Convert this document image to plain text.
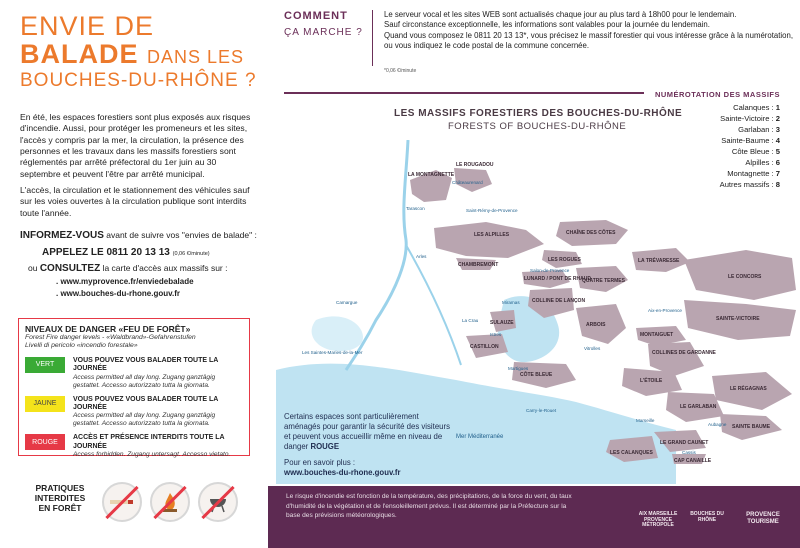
ENVIE DE
BALADE DANS LES
BOUCHES-DU-RHÔNE ?

En été, les espaces forestiers sont plus exposés aux risques d'incendie. Aussi, pour protéger les promeneurs et les sites, l'accès y compris par la mer, la circulation, la présence des personnes et les travaux dans les massifs forestiers sont réglementés par arrêté préfectoral du 1er juin au 30 septembre et peuvent l'être par arrêté municipal.

L'accès, la circulation et le stationnement des véhicules sauf sur les voies ouvertes à la circulation publique sont interdits toute l'année.

INFORMEZ-VOUS avant de suivre vos "envies de balade" :
APPELEZ LE 0811 20 13 13 (0,06 €/minute)
ou CONSULTEZ la carte d'accès aux massifs sur :
. www.myprovence.fr/enviedebalade
. www.bouches-du-rhone.gouv.fr
NIVEAUX DE DANGER «FEU DE FORÊT»
Forest Fire danger levels - «Waldbrand»-Gefahrenstufen
Livelli di pericolo «incendio forestale»
VERT
VOUS POUVEZ VOUS BALADER TOUTE LA JOURNÉE
Access permitted all day long. Zugang ganztägig gestattet. Accesso autorizzato tutta la giornata.
JAUNE
VOUS POUVEZ VOUS BALADER TOUTE LA JOURNÉE
Access permitted all day long. Zugang ganztägig gestattet. Accesso autorizzato tutta la giornata.
ROUGE
ACCÈS ET PRÉSENCE INTERDITS TOUTE LA JOURNÉE
Access forbidden. Zugang untersagt. Accesso vietato.
PRATIQUES INTERDITES EN FORÊT
COMMENT
ÇA MARCHE ?
Le serveur vocal et les sites WEB sont actualisés chaque jour au plus tard à 18h00 pour le lendemain.
Sauf circonstance exceptionnelle, les informations sont valables pour la journée du lendemain.
Quand vous composez le 0811 20 13 13*, vous précisez le massif forestier qui vous intéresse grâce à la numérotation, ou vous indiquez le code postal de la commune concernée.
*0,06 €/minute
NUMÉROTATION DES MASSIFS
Calanques : 1
Sainte-Victoire : 2
Garlaban : 3
Sainte-Baume : 4
Côte Bleue : 5
Alpilles : 6
Montagnette : 7
Autres massifs : 8
LES MASSIFS FORESTIERS DES BOUCHES-DU-RHÔNE
FORESTS OF BOUCHES-DU-RHÔNE
LA MONTAGNETTE
LE ROUGADOU
LES ALPILLES
CHAMBREMONT
CHAÎNE DES CÔTES
LES ROGUES
LUNARD / PONT DE RHAUD
QUATRE TERMES
COLLINE DE LANÇON
LA TRÉVARESSE
LE CONCORS
SAINTE-VICTOIRE
ARBOIS
MONTAIGUET
COLLINES DE GARDANNE
LE RÉGAGNAS
L'ÉTOILE
LE GARLABAN
SAINTE BAUME
LE GRAND CAUNET
LES CALANQUES
CAP CANAILLE
CÔTE BLEUE
SULAUZE
CASTILLON
Châteaurenard
Tarascon	Saint-Rémy-de-Provence
Arles
Salon-de-Provence
Aix-en-Provence
Aubagne
Cassis
Marseille
Carry-le-Rouet
Miramas
Istres
Martigues
Vitrolles
Camargue
La Crau
Les Saintes-Maries-de-la-Mer
Mer Méditerranée
Certains espaces sont particulièrement aménagés pour garantir la sécurité des visiteurs et peuvent vous accueillir même en niveau de danger ROUGE
Pour en savoir plus :
www.bouches-du-rhone.gouv.fr
Le risque d'incendie est fonction de la température, des précipitations, de la force du vent, du taux d'humidité de la végétation et de l'ensoleillement prévus. Il est déterminé par la Préfecture sur la base des prévisions météorologiques.	AIX MARSEILLE PROVENCE MÉTROPOLE
BOUCHES DU RHÔNE
PROVENCE TOURISME
